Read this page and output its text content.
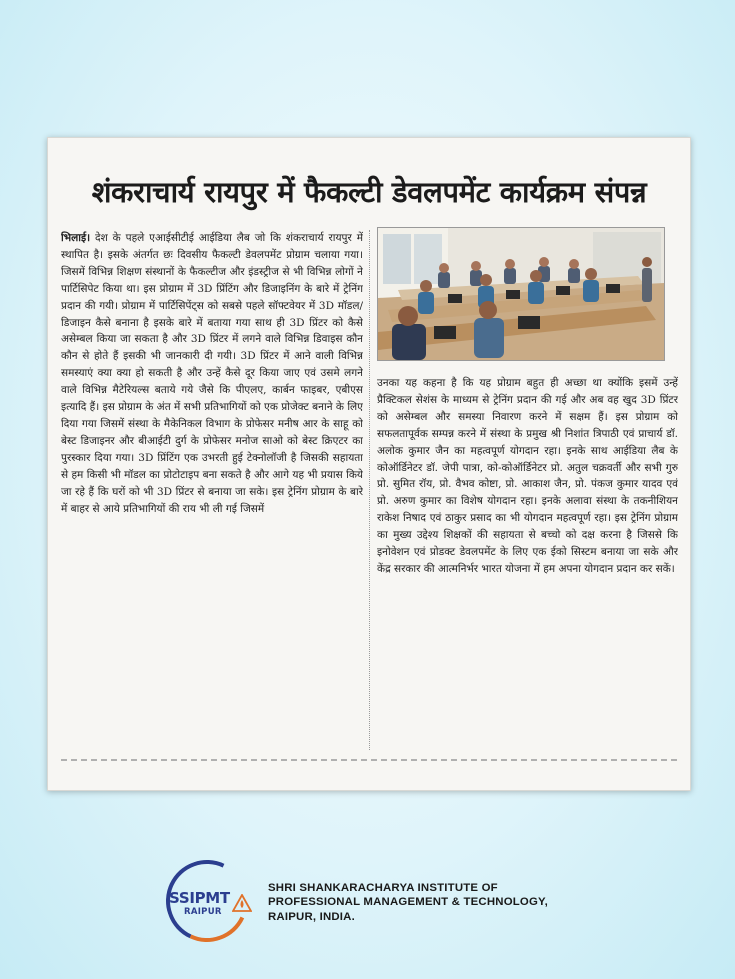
शंकराचार्य रायपुर में फैकल्टी डेवलपमेंट कार्यक्रम संपन्न

भिलाई। देश के पहले एआईसीटीई आईडिया लैब जो कि शंकराचार्य रायपुर में स्थापित है। इसके अंतर्गत छः दिवसीय फैकल्टी डेवलपमेंट प्रोग्राम चलाया गया। जिसमें विभिन्न शिक्षण संस्थानों के फैकल्टीज और इंडस्ट्रीज से भी विभिन्न लोगों ने पार्टिसिपेट किया था। इस प्रोग्राम में 3D प्रिंटिंग और डिजाइनिंग के बारे में ट्रेनिंग प्रदान की गयी। प्रोग्राम में पार्टिसिपेंट्स को सबसे पहले सॉफ्टवेयर में 3D मॉडल/डिजाइन कैसे बनाना है इसके बारे में बताया गया साथ ही 3D प्रिंटर को कैसे असेम्बल किया जा सकता है और 3D प्रिंटर में लगने वाले विभिन्न डिवाइस कौन कौन से होते हैं इसकी भी जानकारी दी गयी। 3D प्रिंटर में आने वाली विभिन्न समस्याएं क्या क्या हो सकती है और उन्हें कैसे दूर किया जाए एवं उसमे लगने वाले विभिन्न मैटेरियल्स बताये गये जैसे कि पीएलए, कार्बन फाइबर, एबीएस इत्यादि हैं। इस प्रोग्राम के अंत में सभी प्रतिभागियों को एक प्रोजेक्ट बनाने के लिए दिया गया जिसमें संस्था के मैकेनिकल विभाग के प्रोफेसर मनीष आर के साहू को बेस्ट डिजाइनर और बीआईटी दुर्ग के प्रोफेसर मनोज साओ को बेस्ट क्रिएटर का पुरस्कार दिया गया। 3D प्रिंटिंग एक उभरती हुई टेक्नोलॉजी है जिसकी सहायता से हम किसी भी मॉडल का प्रोटोटाइप बना सकते है और आगे यह भी प्रयास किये जा रहे हैं कि घरों को भी 3D प्रिंटर से बनाया जा सके। इस ट्रेनिंग प्रोग्राम के बारे में बाहर से आये प्रतिभागियों की राय भी ली गई जिसमें

उनका यह कहना है कि यह प्रोग्राम बहुत ही अच्छा था क्योंकि इसमें उन्हें प्रैक्टिकल सेशंस के माध्यम से ट्रेनिंग प्रदान की गई और अब वह खुद 3D प्रिंटर को असेम्बल और समस्या निवारण करने में सक्षम हैं। इस प्रोग्राम को सफलतापूर्वक सम्पन्न करने में संस्था के प्रमुख श्री निशांत त्रिपाठी एवं प्राचार्य डॉ. अलोक कुमार जैन का महत्वपूर्ण योगदान रहा। इनके साथ आईडिया लैब के कोऑर्डिनेटर डॉ. जेपी पात्रा, को-कोऑर्डिनेटर प्रो. अतुल चक्रवर्ती और सभी गुरु प्रो. सुमित रॉय, प्रो. वैभव कोष्टा, प्रो. आकाश जैन, प्रो. पंकज कुमार यादव एवं प्रो. अरुण कुमार का विशेष योगदान रहा। इनके अलावा संस्था के तकनीशियन राकेश निषाद एवं ठाकुर प्रसाद का भी योगदान महत्वपूर्ण रहा। इस ट्रेनिंग प्रोग्राम का मुख्य उद्देश्य शिक्षकों की सहायता से बच्चो को दक्ष करना है जिससे कि इनोवेशन एवं प्रोडक्ट डेवलपमेंट के लिए एक ईको सिस्टम बनाया जा सके और केंद्र सरकार की आत्मनिर्भर भारत योजना में हम अपना योगदान प्रदान कर सकें।

SSIPMT
RAIPUR
SHRI SHANKARACHARYA INSTITUTE OF
PROFESSIONAL MANAGEMENT & TECHNOLOGY,
RAIPUR, INDIA.
